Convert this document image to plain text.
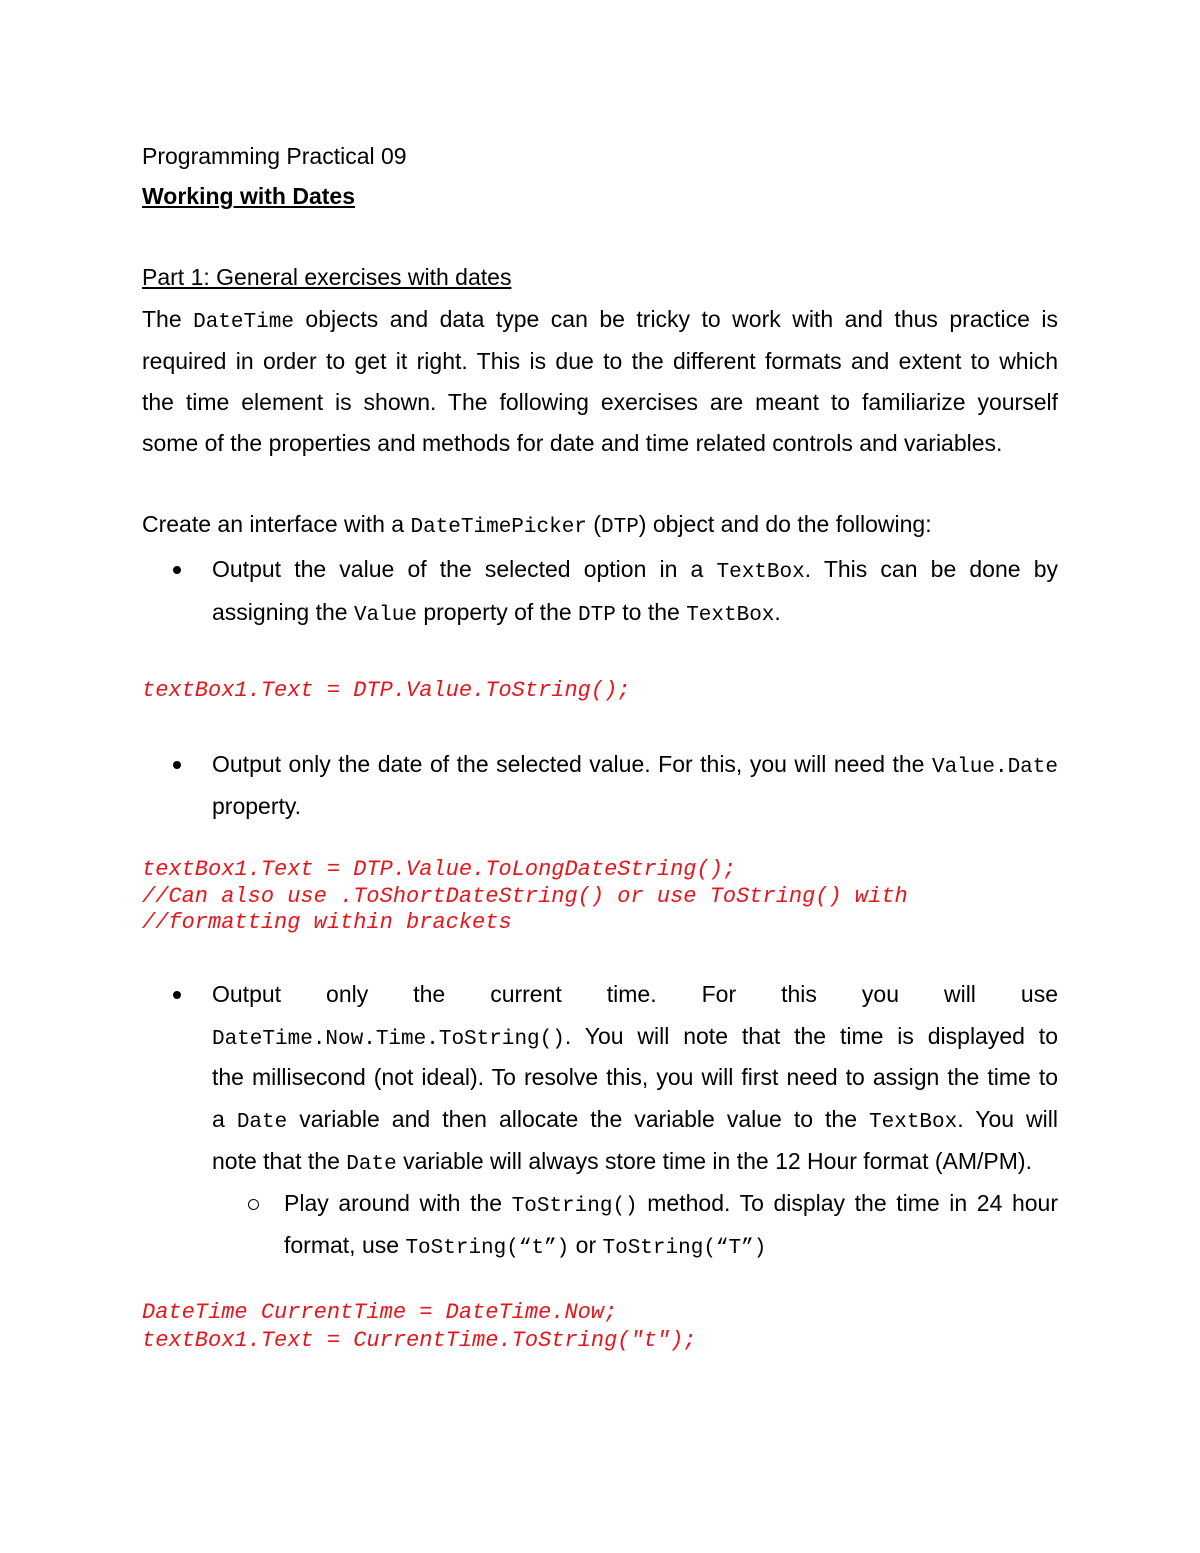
Programming Practical 09
Working with Dates
Part 1: General exercises with dates
The DateTime objects and data type can be tricky to work with and thus practice is
required in order to get it right. This is due to the different formats and extent to which
the time element is shown. The following exercises are meant to familiarize yourself
some of the properties and methods for date and time related controls and variables.
Create an interface with a DateTimePicker (DTP) object and do the following:
Output the value of the selected option in a TextBox. This can be done by
assigning the Value property of the DTP to the TextBox.
textBox1.Text = DTP.Value.ToString();
Output only the date of the selected value. For this, you will need the Value.Date
property.
textBox1.Text = DTP.Value.ToLongDateString();
//Can also use .ToShortDateString() or use ToString() with
//formatting within brackets
Output only the current time. For this you will use
DateTime.Now.Time.ToString(). You will note that the time is displayed to
the millisecond (not ideal). To resolve this, you will first need to assign the time to
a Date variable and then allocate the variable value to the TextBox. You will
note that the Date variable will always store time in the 12 Hour format (AM/PM).
Play around with the ToString() method. To display the time in 24 hour
format, use ToString(“t”) or ToString(“T”)
DateTime CurrentTime = DateTime.Now;
textBox1.Text = CurrentTime.ToString("t");
